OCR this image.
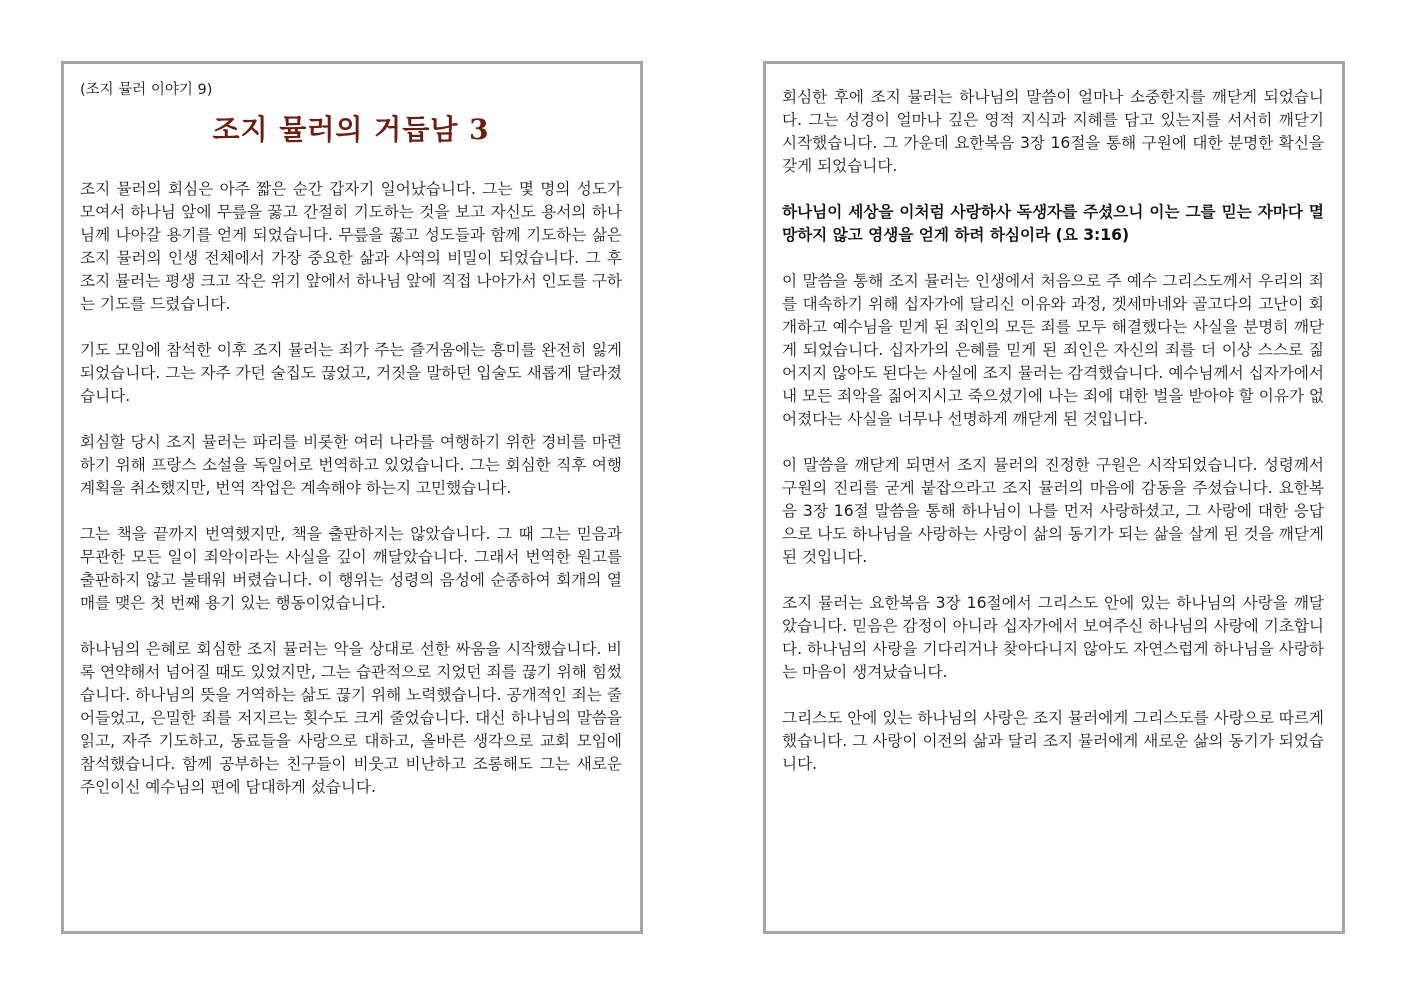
(조지 뮬러 이야기 9)
조지 뮬러의 거듭남 3

조지 뮬러의 회심은 아주 짧은 순간 갑자기 일어났습니다. 그는 몇 명의 성도가 모여서 하나님 앞에 무릎을 꿇고 간절히 기도하는 것을 보고 자신도 용서의 하나님께 나아갈 용기를 얻게 되었습니다. 무릎을 꿇고 성도들과 함께 기도하는 삶은 조지 뮬러의 인생 전체에서 가장 중요한 삶과 사역의 비밀이 되었습니다. 그 후 조지 뮬러는 평생 크고 작은 위기 앞에서 하나님 앞에 직접 나아가서 인도를 구하는 기도를 드렸습니다.

기도 모임에 참석한 이후 조지 뮬러는 죄가 주는 즐거움에는 흥미를 완전히 잃게 되었습니다. 그는 자주 가던 술집도 끊었고, 거짓을 말하던 입술도 새롭게 달라졌습니다.

회심할 당시 조지 뮬러는 파리를 비롯한 여러 나라를 여행하기 위한 경비를 마련하기 위해 프랑스 소설을 독일어로 번역하고 있었습니다. 그는 회심한 직후 여행 계획을 취소했지만, 번역 작업은 계속해야 하는지 고민했습니다.

그는 책을 끝까지 번역했지만, 책을 출판하지는 않았습니다. 그 때 그는 믿음과 무관한 모든 일이 죄악이라는 사실을 깊이 깨달았습니다. 그래서 번역한 원고를 출판하지 않고 불태워 버렸습니다. 이 행위는 성령의 음성에 순종하여 회개의 열매를 맺은 첫 번째 용기 있는 행동이었습니다.

하나님의 은혜로 회심한 조지 뮬러는 악을 상대로 선한 싸움을 시작했습니다. 비록 연약해서 넘어질 때도 있었지만, 그는 습관적으로 지었던 죄를 끊기 위해 힘썼습니다. 하나님의 뜻을 거역하는 삶도 끊기 위해 노력했습니다. 공개적인 죄는 줄어들었고, 은밀한 죄를 저지르는 횟수도 크게 줄었습니다. 대신 하나님의 말씀을 읽고, 자주 기도하고, 동료들을 사랑으로 대하고, 올바른 생각으로 교회 모임에 참석했습니다. 함께 공부하는 친구들이 비웃고 비난하고 조롱해도 그는 새로운 주인이신 예수님의 편에 담대하게 섰습니다.

회심한 후에 조지 뮬러는 하나님의 말씀이 얼마나 소중한지를 깨닫게 되었습니다. 그는 성경이 얼마나 깊은 영적 지식과 지혜를 담고 있는지를 서서히 깨닫기 시작했습니다. 그 가운데 요한복음 3장 16절을 통해 구원에 대한 분명한 확신을 갖게 되었습니다.

하나님이 세상을 이처럼 사랑하사 독생자를 주셨으니 이는 그를 믿는 자마다 멸망하지 않고 영생을 얻게 하려 하심이라 (요 3:16)

이 말씀을 통해 조지 뮬러는 인생에서 처음으로 주 예수 그리스도께서 우리의 죄를 대속하기 위해 십자가에 달리신 이유와 과정, 겟세마네와 골고다의 고난이 회개하고 예수님을 믿게 된 죄인의 모든 죄를 모두 해결했다는 사실을 분명히 깨닫게 되었습니다. 십자가의 은혜를 믿게 된 죄인은 자신의 죄를 더 이상 스스로 짊어지지 않아도 된다는 사실에 조지 뮬러는 감격했습니다. 예수님께서 십자가에서 내 모든 죄악을 짊어지시고 죽으셨기에 나는 죄에 대한 벌을 받아야 할 이유가 없어졌다는 사실을 너무나 선명하게 깨닫게 된 것입니다.

이 말씀을 깨닫게 되면서 조지 뮬러의 진정한 구원은 시작되었습니다. 성령께서 구원의 진리를 굳게 붙잡으라고 조지 뮬러의 마음에 감동을 주셨습니다. 요한복음 3장 16절 말씀을 통해 하나님이 나를 먼저 사랑하셨고, 그 사랑에 대한 응답으로 나도 하나님을 사랑하는 사랑이 삶의 동기가 되는 삶을 살게 된 것을 깨닫게 된 것입니다.

조지 뮬러는 요한복음 3장 16절에서 그리스도 안에 있는 하나님의 사랑을 깨달았습니다. 믿음은 감정이 아니라 십자가에서 보여주신 하나님의 사랑에 기초합니다. 하나님의 사랑을 기다리거나 찾아다니지 않아도 자연스럽게 하나님을 사랑하는 마음이 생겨났습니다.

그리스도 안에 있는 하나님의 사랑은 조지 뮬러에게 그리스도를 사랑으로 따르게 했습니다. 그 사랑이 이전의 삶과 달리 조지 뮬러에게 새로운 삶의 동기가 되었습니다.
